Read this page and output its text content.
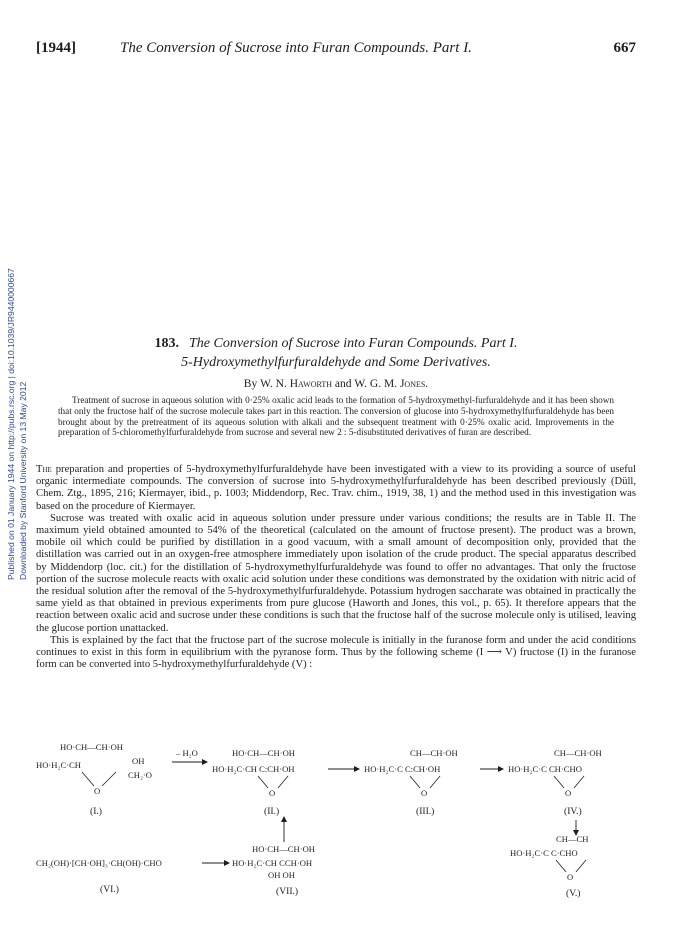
Published on 01 January 1944 on http://pubs.rsc.org | doi:10.1039/JR9440000667 Downloaded by Stanford University on 13 May 2012
[1944]	The Conversion of Sucrose into Furan Compounds. Part I.	667
183. The Conversion of Sucrose into Furan Compounds. Part I.
5-Hydroxymethylfurfuraldehyde and Some Derivatives.
By W. N. Haworth and W. G. M. Jones.
Treatment of sucrose in aqueous solution with 0·25% oxalic acid leads to the formation of 5-hydroxymethyl-furfuraldehyde and it has been shown that only the fructose half of the sucrose molecule takes part in this reaction. The conversion of glucose into 5-hydroxymethylfurfuraldehyde has been brought about by the pretreatment of its aqueous solution with alkali and the subsequent treatment with 0·25% oxalic acid. Improvements in the preparation of 5-chloromethylfurfuraldehyde from sucrose and several new 2 : 5-disubstituted derivatives of furan are described.

The preparation and properties of 5-hydroxymethylfurfuraldehyde have been investigated with a view to its providing a source of useful organic intermediate compounds. The conversion of sucrose into 5-hydroxymethylfurfuraldehyde has been described previously (Düll, Chem. Ztg., 1895, 216; Kiermayer, ibid., p. 1003; Middendorp, Rec. Trav. chim., 1919, 38, 1) and the method used in this investigation was based on the procedure of Kiermayer.

Sucrose was treated with oxalic acid in aqueous solution under pressure under various conditions; the results are in Table II. The maximum yield obtained amounted to 54% of the theoretical (calculated on the amount of fructose present). The product was a brown, mobile oil which could be purified by distillation in a good vacuum, with a small amount of decomposition only, provided that the distillation was carried out in an oxygen-free atmosphere immediately upon isolation of the crude product. The special apparatus described by Middendorp (loc. cit.) for the distillation of 5-hydroxymethylfurfuraldehyde was found to offer no advantages. That only the fructose portion of the sucrose molecule reacts with oxalic acid solution under these conditions was demonstrated by the oxidation with nitric acid of the residual solution after the removal of the 5-hydroxymethylfurfuraldehyde. Potassium hydrogen saccharate was obtained in practically the same yield as that obtained in previous experiments from pure glucose (Haworth and Jones, this vol., p. 65). It therefore appears that the reaction between oxalic acid and sucrose under these conditions is such that the fructose half of the sucrose molecule only is utilised, leaving the glucose portion unattacked.

This is explained by the fact that the fructose part of the sucrose molecule is initially in the furanose form and under the acid conditions continues to exist in this form in equilibrium with the pyranose form. Thus by the following scheme (I ⟶ V) fructose (I) in the furanose form can be converted into 5-hydroxymethylfurfuraldehyde (V) :

HO·CH—CH·OH
HO·H₂C·CH	OH
CH₂·O
O
(I.)
– H₂O	HO·CH—CH·OH
HO·H₂C·CH C:CH·OH
O
(II.)
CH—CH·OH
HO·H₂C·C C:CH·OH
O
(III.)
CH—CH·OH
HO·H₂C·C CH·CHO
O
(IV.)
CH—CH
HO·H₂C·C C·CHO
O
(V.)
CH₂(OH)·[CH·OH]₃·CH(OH)·CHO
(VI.)
HO·CH—CH·OH
HO·H₂C·CH CCH·OH
OH OH
(VII.)
